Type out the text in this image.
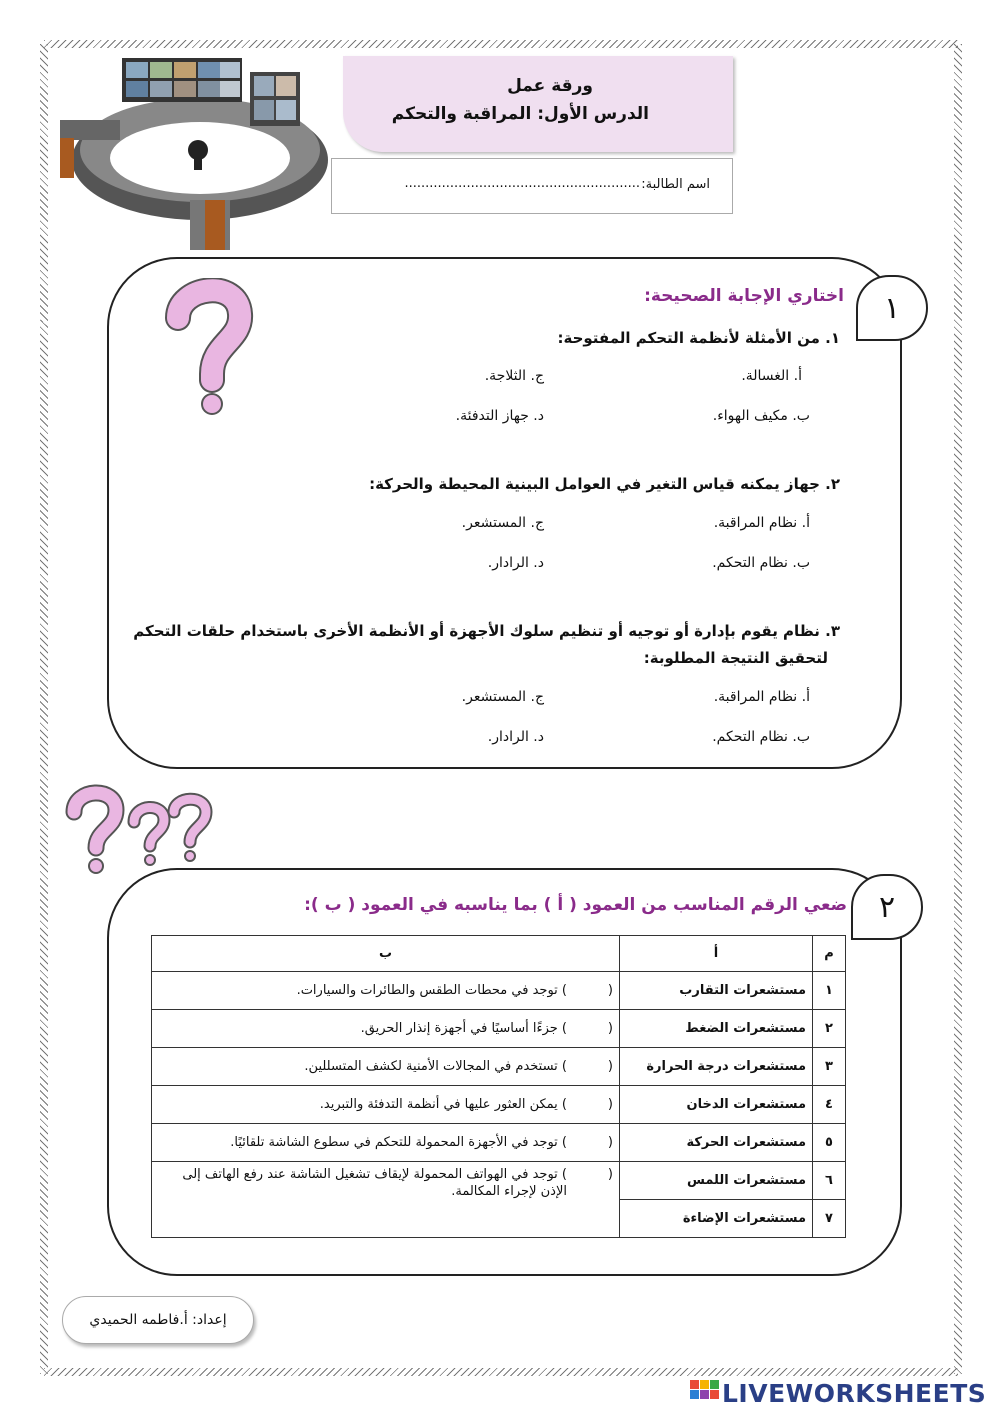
ورقة عمل
الدرس الأول: المراقبة والتحكم
اسم الطالبة:
.........................................................
١
اختاري الإجابة الصحيحة:
١. من الأمثلة لأنظمة التحكم المفتوحة:
أ. الغسالة.
ب. مكيف الهواء.
ج. الثلاجة.
د. جهاز التدفئة.
٢. جهاز يمكنه قياس التغير في العوامل البينية المحيطة والحركة:
أ. نظام المراقبة.
ب. نظام التحكم.
ج. المستشعر.
د. الرادار.
٣. نظام يقوم بإدارة أو توجيه أو تنظيم سلوك الأجهزة أو الأنظمة الأخرى باستخدام حلقات التحكم
لتحقيق النتيجة المطلوبة:
أ. نظام المراقبة.
ب. نظام التحكم.
ج. المستشعر.
د. الرادار.
٢
ضعي الرقم المناسب من العمود ( أ ) بما يناسبه في العمود ( ب ):
م	أ	ب
١	مستشعرات التقارب	() توجد في محطات الطقس والطائرات والسيارات.
٢	مستشعرات الضغط	() جزءًا أساسيًا في أجهزة إنذار الحريق.
٣	مستشعرات درجة الحرارة	() تستخدم في المجالات الأمنية لكشف المتسللين.
٤	مستشعرات الدخان	() يمكن العثور عليها في أنظمة التدفئة والتبريد.
٥	مستشعرات الحركة	() توجد في الأجهزة المحمولة للتحكم في سطوع الشاشة تلقائيًا.
٦	مستشعرات اللمس	(
) توجد في الهواتف المحمولة لإيقاف تشغيل الشاشة عند رفع الهاتف إلى الإذن لإجراء المكالمة.

٧	مستشعرات الإضاءة	
إعداد: أ.فاطمه الحميدي
LIVEWORKSHEETS
